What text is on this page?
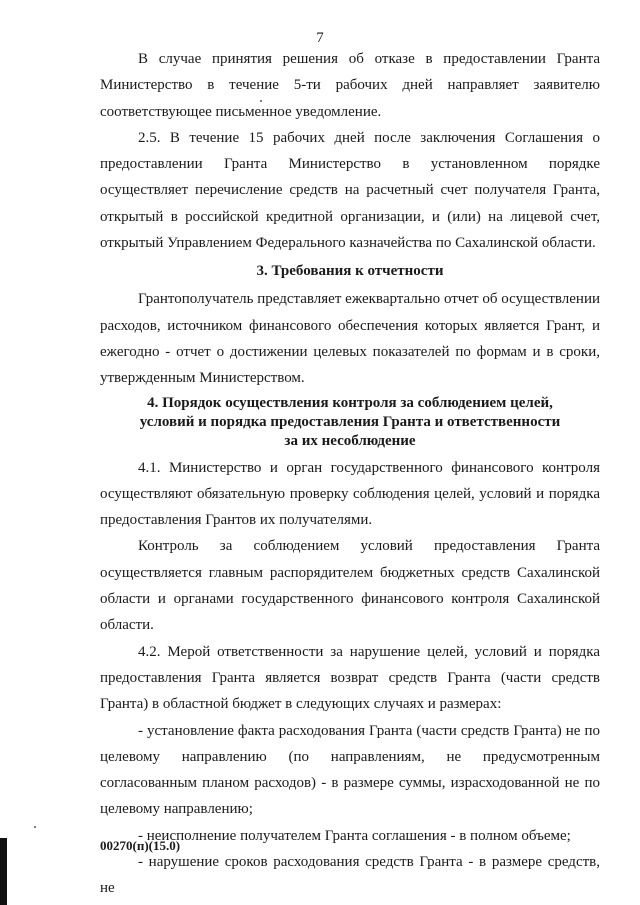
7

В случае принятия решения об отказе в предоставлении Гранта Министерство в течение 5-ти рабочих дней направляет заявителю соответствующее письменное уведомление.

2.5. В течение 15 рабочих дней после заключения Соглашения о предоставлении Гранта Министерство в установленном порядке осуществляет перечисление средств на расчетный счет получателя Гранта, открытый в российской кредитной организации, и (или) на лицевой счет, открытый Управлением Федерального казначейства по Сахалинской области.

3. Требования к отчетности

Грантополучатель представляет ежеквартально отчет об осуществлении расходов, источником финансового обеспечения которых является Грант, и ежегодно - отчет о достижении целевых показателей по формам и в сроки, утвержденным Министерством.

4. Порядок осуществления контроля за соблюдением целей,
условий и порядка предоставления Гранта и ответственности
за их несоблюдение

4.1. Министерство и орган государственного финансового контроля осуществляют обязательную проверку соблюдения целей, условий и порядка предоставления Грантов их получателями.

Контроль за соблюдением условий предоставления Гранта осуществляется главным распорядителем бюджетных средств Сахалинской области и органами государственного финансового контроля Сахалинской области.

4.2. Мерой ответственности за нарушение целей, условий и порядка предоставления Гранта является возврат средств Гранта (части средств Гранта) в областной бюджет в следующих случаях и размерах:

- установление факта расходования Гранта (части средств Гранта) не по целевому направлению (по направлениям, не предусмотренным согласованным планом расходов) - в размере суммы, израсходованной не по целевому направлению;

- неисполнение получателем Гранта соглашения - в полном объеме;

- нарушение сроков расходования средств Гранта - в размере средств, не

00270(п)(15.0)
